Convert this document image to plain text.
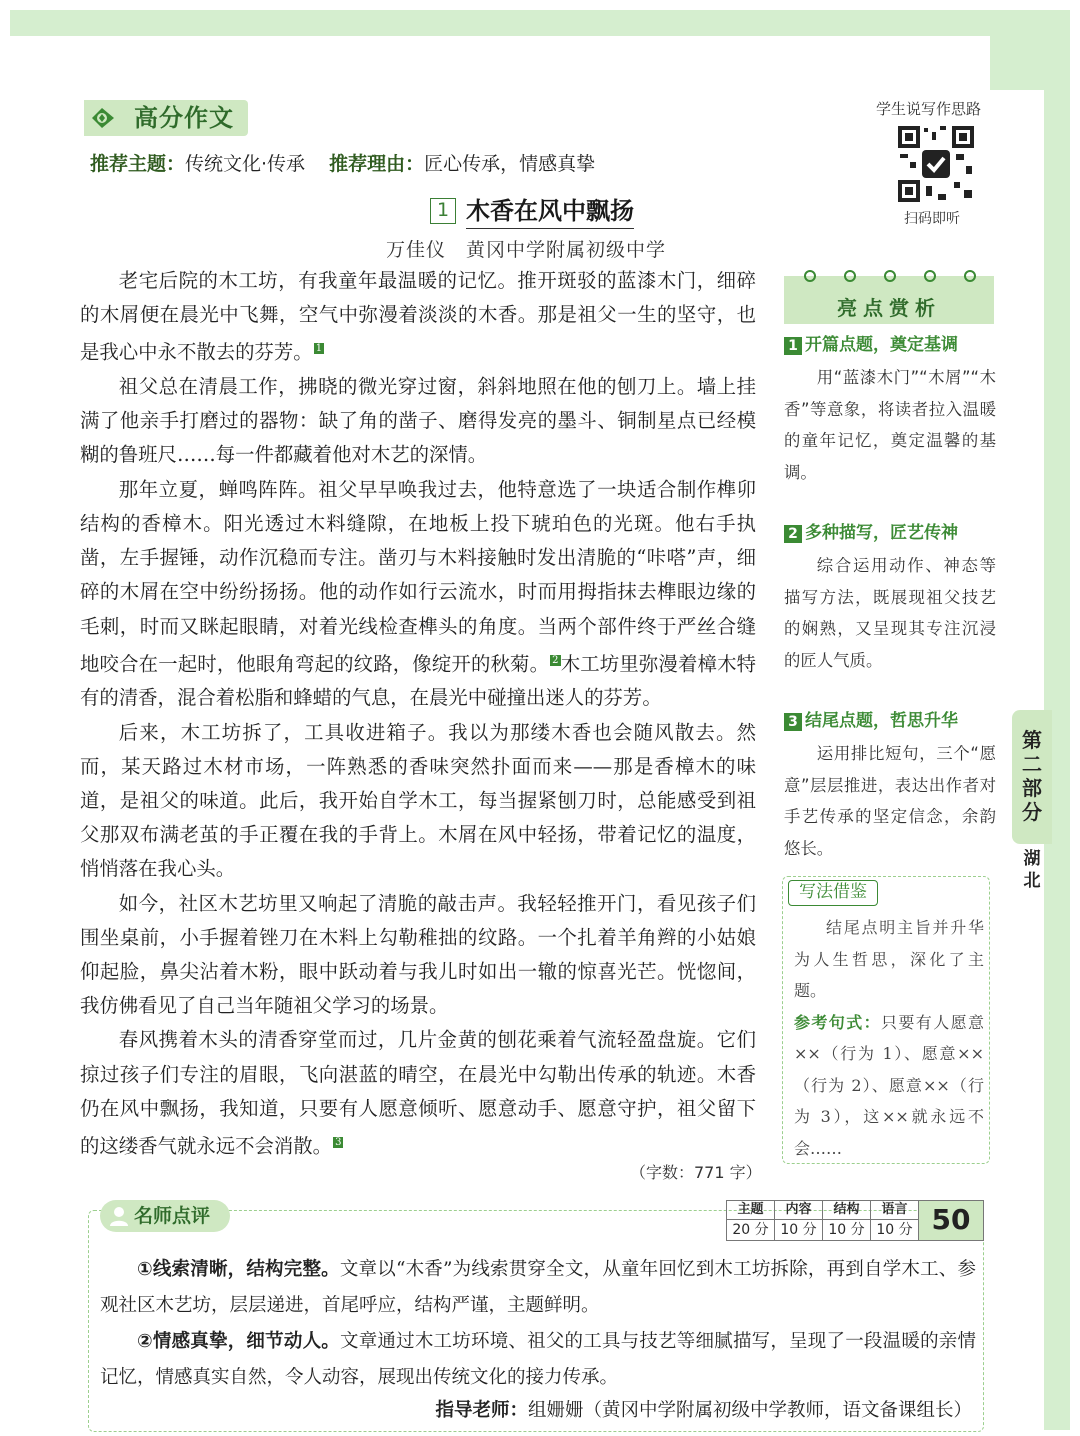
高分作文
推荐主题：传统文化·传承 推荐理由：匠心传承，情感真挚
学生说写作思路
扫码即听
1 木香在风中飘扬
万佳仪 黄冈中学附属初级中学

老宅后院的木工坊，有我童年最温暖的记忆。推开斑驳的蓝漆木门，细碎的木屑便在晨光中飞舞，空气中弥漫着淡淡的木香。那是祖父一生的坚守，也是我心中永不散去的芬芳。 $^1$

祖父总在清晨工作，拂晓的微光穿过窗，斜斜地照在他的刨刀上。墙上挂满了他亲手打磨过的器物：缺了角的凿子、磨得发亮的墨斗、铜制星点已经模糊的鲁班尺……每一件都藏着他对木艺的深情。

那年立夏，蝉鸣阵阵。祖父早早唤我过去，他特意选了一块适合制作榫卯结构的香樟木。阳光透过木料缝隙，在地板上投下琥珀色的光斑。他右手执凿，左手握锤，动作沉稳而专注。凿刃与木料接触时发出清脆的“咔嗒”声，细碎的木屑在空中纷纷扬扬。他的动作如行云流水，时而用拇指抹去榫眼边缘的毛刺，时而又眯起眼睛，对着光线检查榫头的角度。当两个部件终于严丝合缝地咬合在一起时，他眼角弯起的纹路，像绽开的秋菊。 $^2$ 木工坊里弥漫着樟木特有的清香，混合着松脂和蜂蜡的气息，在晨光中碰撞出迷人的芬芳。

后来，木工坊拆了，工具收进箱子。我以为那缕木香也会随风散去。然而，某天路过木材市场，一阵熟悉的香味突然扑面而来——那是香樟木的味道，是祖父的味道。此后，我开始自学木工，每当握紧刨刀时，总能感受到祖父那双布满老茧的手正覆在我的手背上。木屑在风中轻扬，带着记忆的温度，悄悄落在我心头。

如今，社区木艺坊里又响起了清脆的敲击声。我轻轻推开门，看见孩子们围坐桌前，小手握着锉刀在木料上勾勒稚拙的纹路。一个扎着羊角辫的小姑娘仰起脸，鼻尖沾着木粉，眼中跃动着与我儿时如出一辙的惊喜光芒。恍惚间，我仿佛看见了自己当年随祖父学习的场景。

春风携着木头的清香穿堂而过，几片金黄的刨花乘着气流轻盈盘旋。它们掠过孩子们专注的眉眼，飞向湛蓝的晴空，在晨光中勾勒出传承的轨迹。木香仍在风中飘扬，我知道，只要有人愿意倾听、愿意动手、愿意守护，祖父留下的这缕香气就永远不会消散。 $^3$

（字数：771 字）
亮点赏析
1 开篇点题，奠定基调
用“蓝漆木门”“木屑”“木香”等意象，将读者拉入温暖的童年记忆，奠定温馨的基调。
2 多种描写，匠艺传神
综合运用动作、神态等描写方法，既展现祖父技艺的娴熟，又呈现其专注沉浸的匠人气质。
3 结尾点题，哲思升华
运用排比短句，三个“愿意”层层推进，表达出作者对手艺传承的坚定信念，余韵悠长。
第二部分
湖北
写法借鉴
结尾点明主旨并升华为人生哲思，深化了主题。
参考句式：只要有人愿意××（行为 1）、愿意××（行为 2）、愿意××（行为 3），这××就永远不会……
名师点评	主题
20 分
内容
10 分
结构
10 分
语言
10 分 50

①线索清晰，结构完整。文章以“木香”为线索贯穿全文，从童年回忆到木工坊拆除，再到自学木工、参观社区木艺坊，层层递进，首尾呼应，结构严谨，主题鲜明。

②情感真挚，细节动人。文章通过木工坊环境、祖父的工具与技艺等细腻描写，呈现了一段温暖的亲情记忆，情感真实自然，令人动容，展现出传统文化的接力传承。

指导老师：组姗姗（黄冈中学附属初级中学教师，语文备课组长）
